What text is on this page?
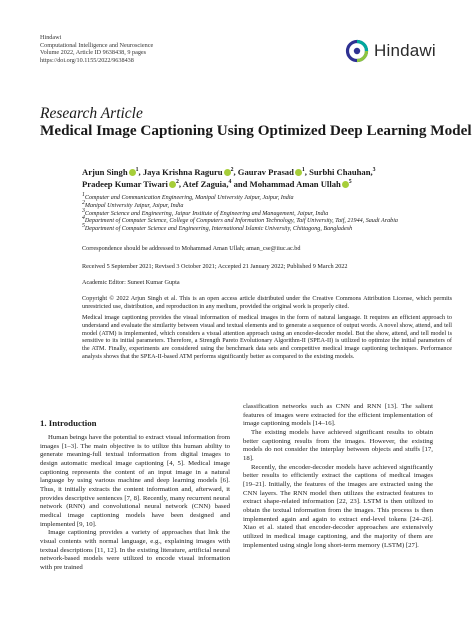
Hindawi
Computational Intelligence and Neuroscience
Volume 2022, Article ID 9638438, 9 pages
https://doi.org/10.1155/2022/9638438
Hindawi
Research Article
Medical Image Captioning Using Optimized Deep Learning Model
Arjun Singh $^1$, Jaya Krishna Raguru $^2$, Gaurav Prasad $^1$, Surbhi Chauhan,$^3$
Pradeep Kumar Tiwari $^2$, Atef Zaguia,$^4$ and Mohammad Aman Ullah $^5$
1Computer and Communication Engineering, Manipal University Jaipur, Jaipur, India
2Manipal University Jaipur, Jaipur, India
3Computer Science and Engineering, Jaipur Institute of Engineering and Management, Jaipur, India
4Department of Computer Science, College of Computers and Information Technology, Taif University, Taif, 21944, Saudi Arabia
5Department of Computer Science and Engineering, International Islamic University, Chittagong, Bangladesh
Correspondence should be addressed to Mohammad Aman Ullah; aman_cse@iiuc.ac.bd
Received 5 September 2021; Revised 3 October 2021; Accepted 21 January 2022; Published 9 March 2022
Academic Editor: Suneet Kumar Gupta
Copyright © 2022 Arjun Singh et al. This is an open access article distributed under the Creative Commons Attribution License, which permits unrestricted use, distribution, and reproduction in any medium, provided the original work is properly cited.
Medical image captioning provides the visual information of medical images in the form of natural language. It requires an efficient approach to understand and evaluate the similarity between visual and textual elements and to generate a sequence of output words. A novel show, attend, and tell model (ATM) is implemented, which considers a visual attention approach using an encoder-decoder model. But the show, attend, and tell model is sensitive to its initial parameters. Therefore, a Strength Pareto Evolutionary Algorithm-II (SPEA-II) is utilized to optimize the initial parameters of the ATM. Finally, experiments are considered using the benchmark data sets and competitive medical image captioning techniques. Performance analysis shows that the SPEA-II-based ATM performs significantly better as compared to the existing models.
1. Introduction

Human beings have the potential to extract visual information from images [1–3]. The main objective is to utilize this human ability to generate meaning-full textual information from digital images to design automatic medical image captioning [4, 5]. Medical image captioning represents the content of an input image in a natural language by using various machine and deep learning models [6]. Thus, it initially extracts the content information and, afterward, it provides descriptive sentences [7, 8]. Recently, many recurrent neural network (RNN) and convolutional neural network (CNN) based medical image captioning models have been designed and implemented [9, 10].

Image captioning provides a variety of approaches that link the visual contents with normal language, e.g., explaining images with textual descriptions [11, 12]. In the existing literature, artificial neural network-based models were utilized to encode visual information with pre trained

classification networks such as CNN and RNN [13]. The salient features of images were extracted for the efficient implementation of image captioning models [14–16].

The existing models have achieved significant results to obtain better captioning results from the images. However, the existing models do not consider the interplay between objects and stuffs [17, 18].

Recently, the encoder-decoder models have achieved significantly better results to efficiently extract the captions of medical images [19–21]. Initially, the features of the images are extracted using the CNN layers. The RNN model then utilizes the extracted features to extract shape-related information [22, 23]. LSTM is then utilized to obtain the textual information from the images. This process is then implemented again and again to extract end-level tokens [24–26]. Xiao et al. stated that encoder-decoder approaches are extensively utilized in medical image captioning, and the majority of them are implemented using single long short-term memory (LSTM) [27].
